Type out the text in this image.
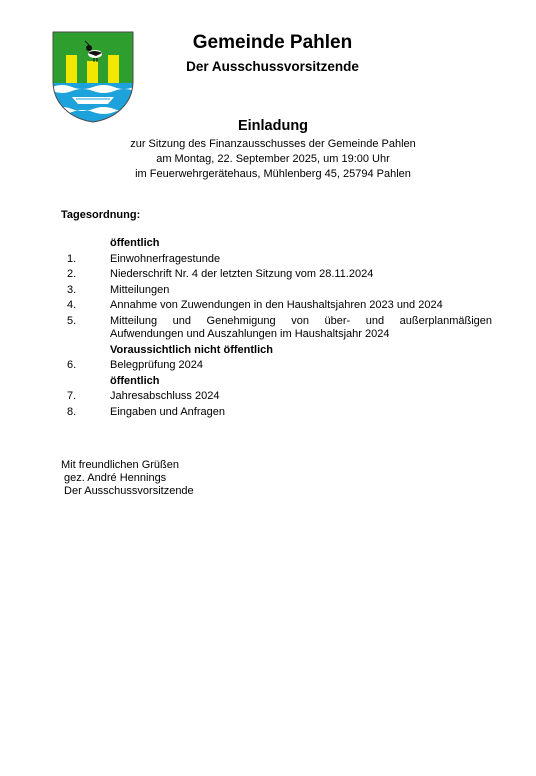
Gemeinde Pahlen
Der Ausschussvorsitzende
Einladung
zur Sitzung des Finanzausschusses der Gemeinde Pahlen
am Montag, 22. September 2025, um 19:00 Uhr
im Feuerwehrgerätehaus, Mühlenberg 45, 25794 Pahlen
Tagesordnung:
öffentlich
1.	Einwohnerfragestunde
2.	Niederschrift Nr. 4 der letzten Sitzung vom 28.11.2024
3.	Mitteilungen
4.	Annahme von Zuwendungen in den Haushaltsjahren 2023 und 2024
5.	Mitteilung und Genehmigung von über- und außerplanmäßigen Aufwendungen und Auszahlungen im Haushaltsjahr 2024
Voraussichtlich nicht öffentlich
6.	Belegprüfung 2024
öffentlich
7.	Jahresabschluss 2024
8.	Eingaben und Anfragen
Mit freundlichen Grüßen
gez. André Hennings
Der Ausschussvorsitzende
